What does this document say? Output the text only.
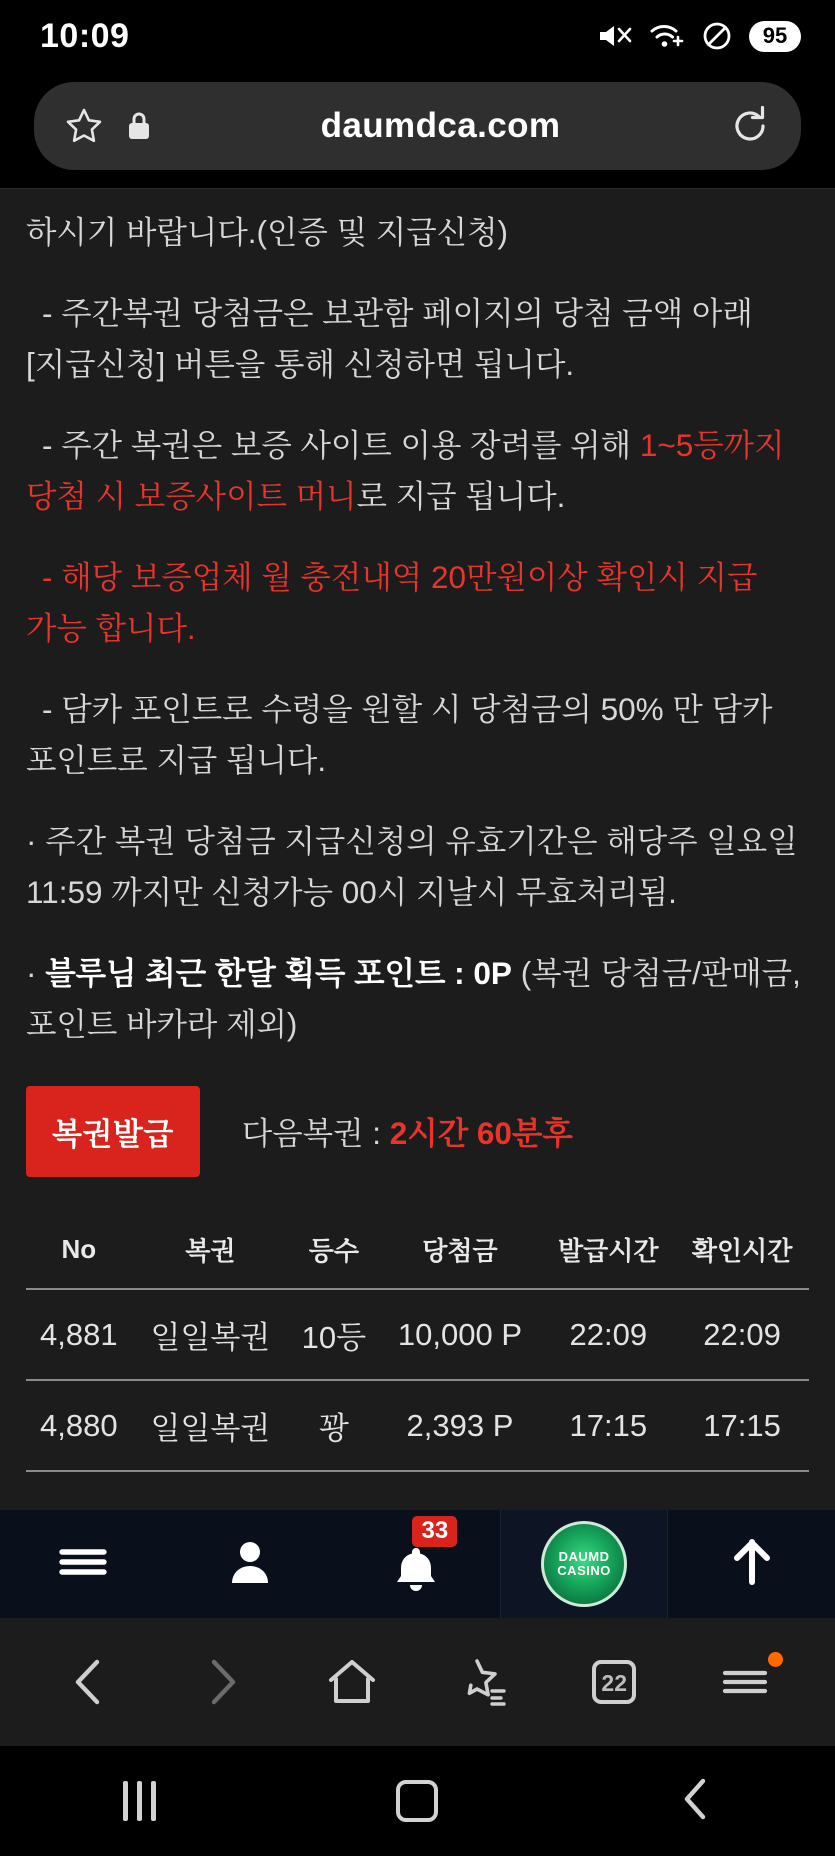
10:09	95
daumdca.com

하시기 바랍니다.(인증 및 지급신청)

- 주간복권 당첨금은 보관함 페이지의 당첨 금액 아래 [지급신청] 버튼을 통해 신청하면 됩니다.

- 주간 복권은 보증 사이트 이용 장려를 위해 1~5등까지 당첨 시 보증사이트 머니로 지급 됩니다.

- 해당 보증업체 월 충전내역 20만원이상 확인시 지급 가능 합니다.

- 담카 포인트로 수령을 원할 시 당첨금의 50% 만 담카 포인트로 지급 됩니다.

· 주간 복권 당첨금 지급신청의 유효기간은 해당주 일요일 11:59 까지만 신청가능 00시 지날시 무효처리됨.

· 블루님 최근 한달 획득 포인트 : 0P (복권 당첨금/판매금, 포인트 바카라 제외)

복권발급	다음복권 : 2시간 60분후
No	복권	등수	당첨금	발급시간	확인시간
4,881	일일복권	10등	10,000 P	22:09	22:09
4,880	일일복권	꽝	2,393 P	17:15	17:15
33
DAUMD
CASINO
22
